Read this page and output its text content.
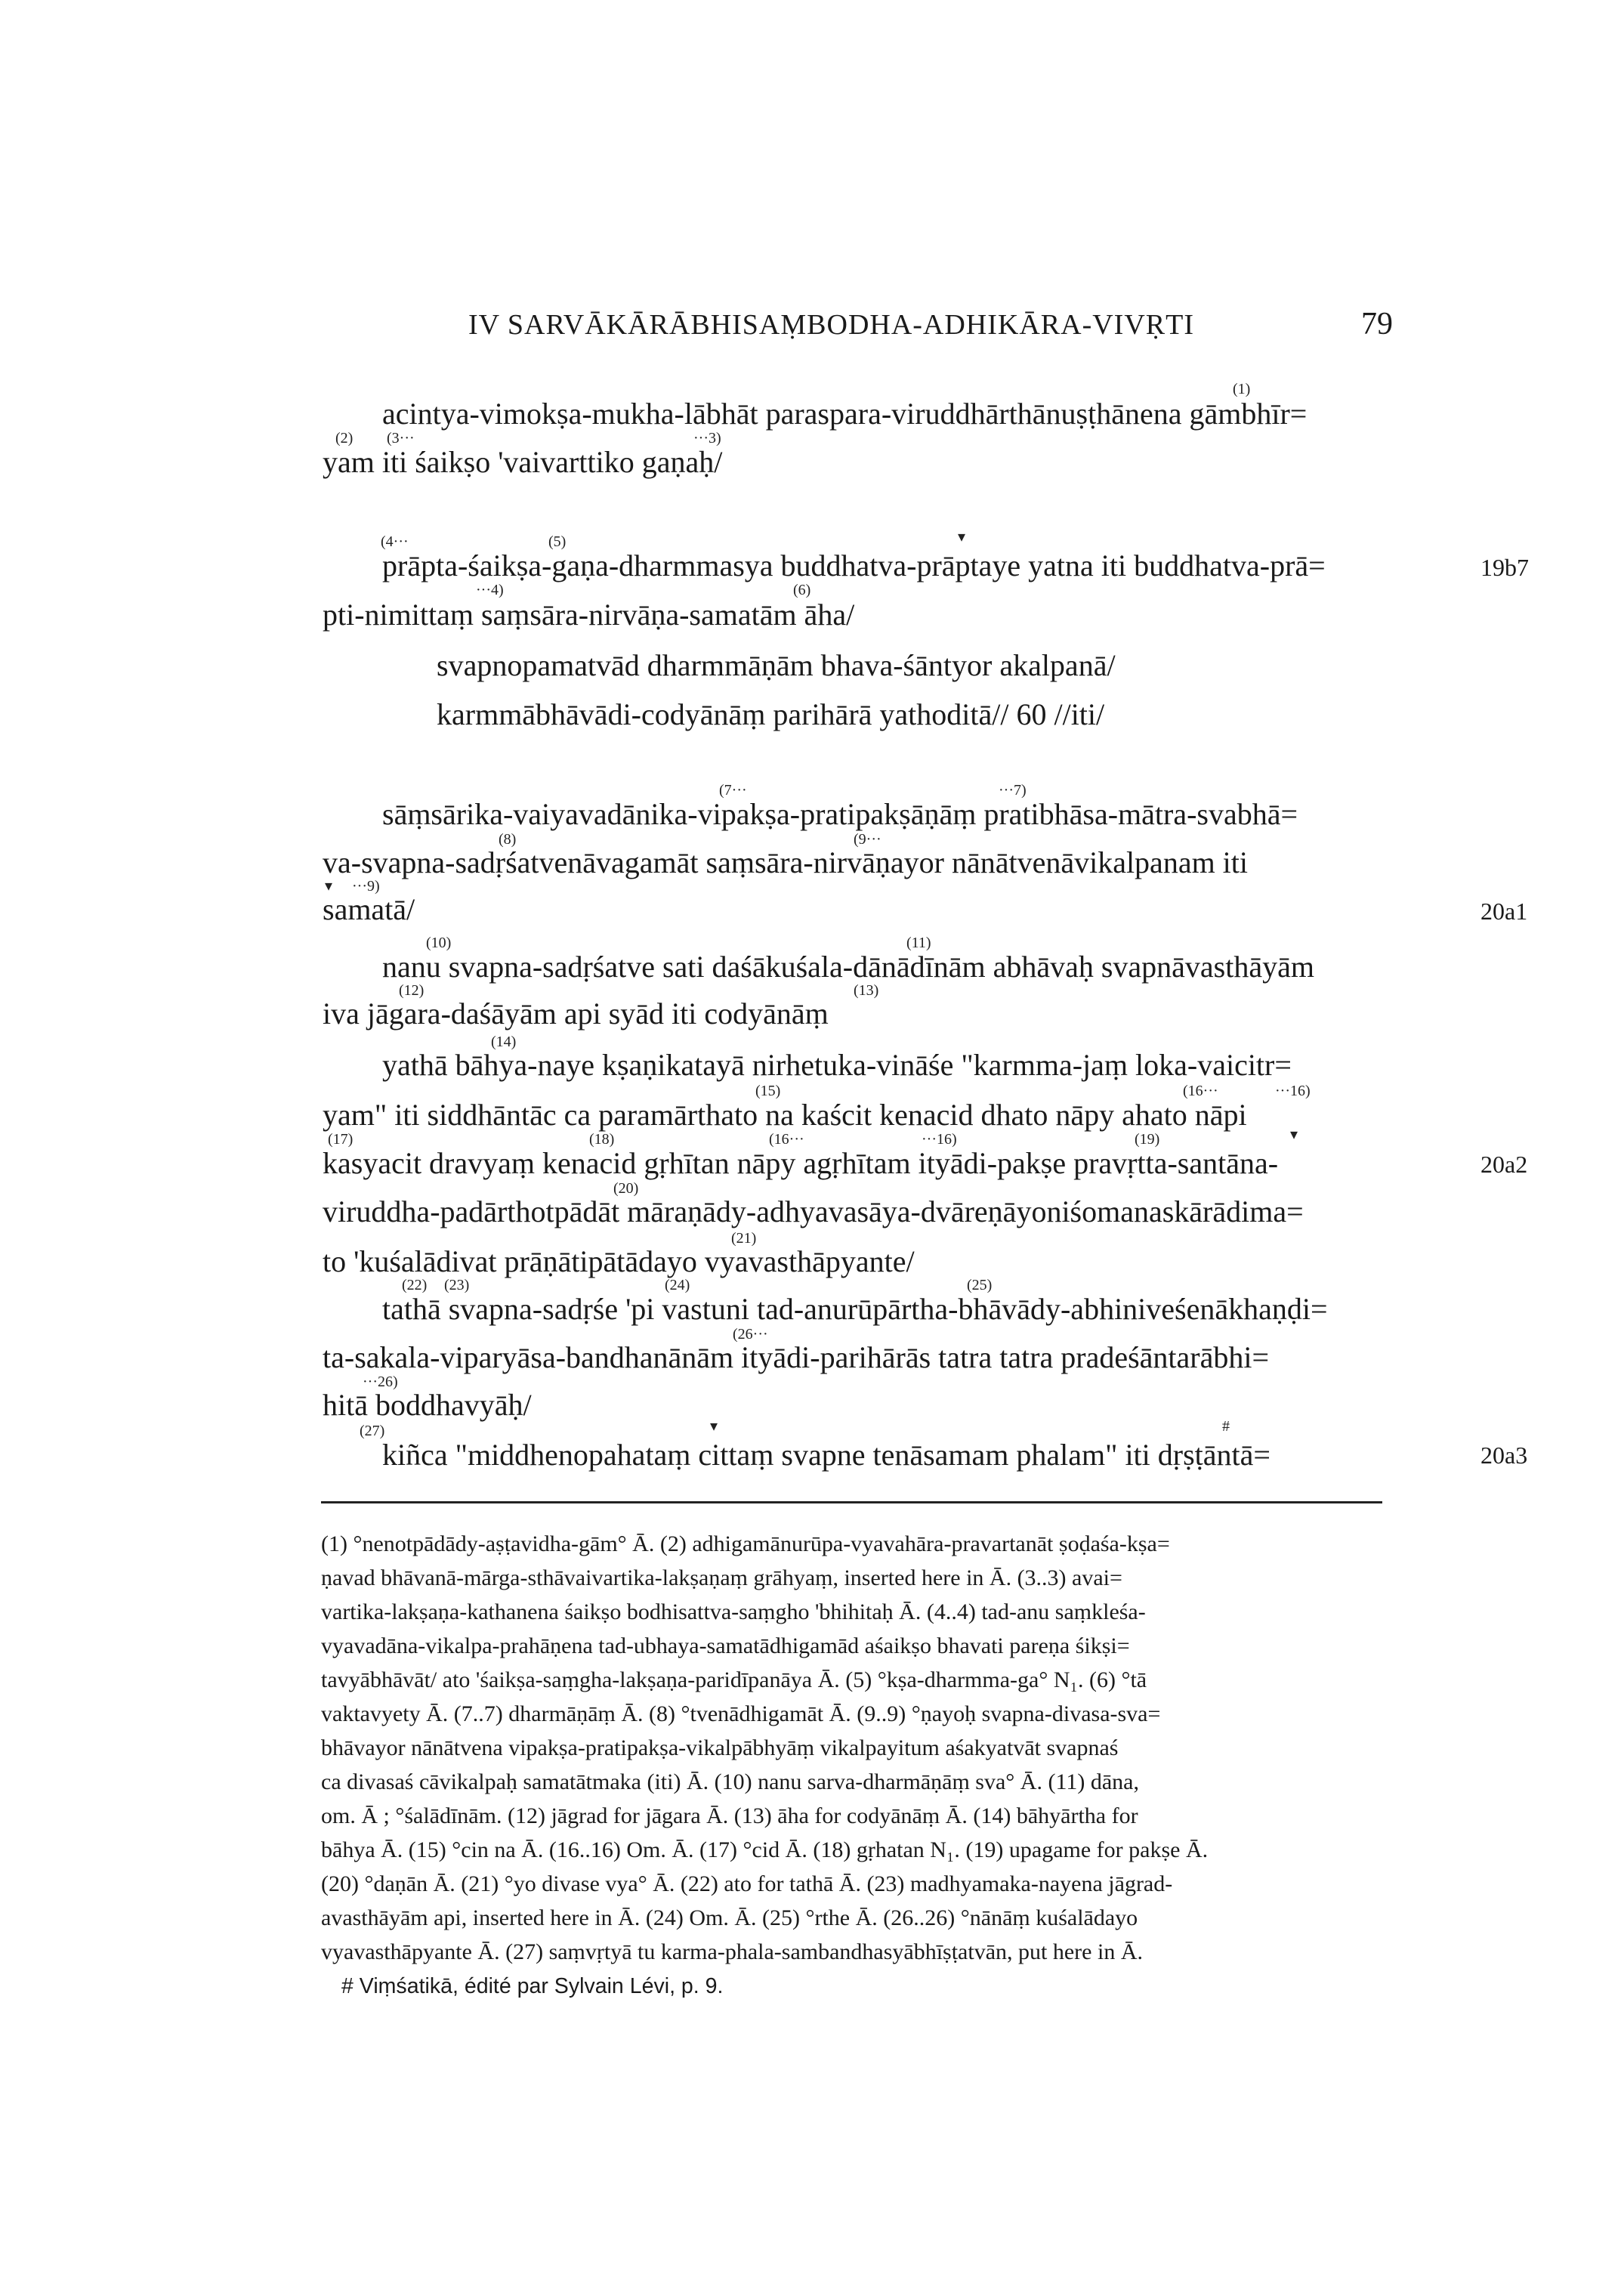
IV SARVĀKĀRĀBHISAṂBODHA-ADHIKĀRA-VIVṚTI	79
(1)
(2) (3···	···3)
(4···	(5)	▾
···4)	(6)
(7···	···7)
(8)	(9···
▾ ···9)
(10)	(11)
(12)	(13)
(14)
(15)	(16···	···16)
(17)	(18)	(16···	···16)	(19)	▾
(20)
(21)
(22) (23)	(24)	(25)
(26···
···26)
(27)	▾	#
acintya-vimokṣa-mukha-lābhāt paraspara-viruddhārthānuṣṭhānena gāmbhīr=
yam iti śaikṣo 'vaivarttiko gaṇaḥ/
prāpta-śaikṣa-gaṇa-dharmmasya buddhatva-prāptaye yatna iti buddhatva-prā=
pti-nimittaṃ saṃsāra-nirvāṇa-samatām āha/
svapnopamatvād dharmmāṇām bhava-śāntyor akalpanā/
karmmābhāvādi-codyānāṃ parihārā yathoditā// 60 //iti/
sāṃsārika-vaiyavadānika-vipakṣa-pratipakṣāṇāṃ pratibhāsa-mātra-svabhā=
va-svapna-sadṛśatvenāvagamāt saṃsāra-nirvāṇayor nānātvenāvikalpanam iti
samatā/
nanu svapna-sadṛśatve sati daśākuśala-dānādīnām abhāvaḥ svapnāvasthāyām
iva jāgara-daśāyām api syād iti codyānāṃ
yathā bāhya-naye kṣaṇikatayā nirhetuka-vināśe "karmma-jaṃ loka-vaicitr=
yam" iti siddhāntāc ca paramārthato na kaścit kenacid dhato nāpy ahato nāpi
kasyacit dravyaṃ kenacid gṛhītan nāpy agṛhītam ityādi-pakṣe pravṛtta-santāna-
viruddha-padārthotpādāt māraṇādy-adhyavasāya-dvāreṇāyoniśomanaskārādima=
to 'kuśalādivat prāṇātipātādayo vyavasthāpyante/
tathā svapna-sadṛśe 'pi vastuni tad-anurūpārtha-bhāvādy-abhiniveśenākhaṇḍi=
ta-sakala-viparyāsa-bandhanānām ityādi-parihārās tatra tatra pradeśāntarābhi=
hitā boddhavyāḥ/
kiñca "middhenopahataṃ cittaṃ svapne tenāsamam phalam" iti dṛṣṭāntā=
19b7
20a1
20a2
20a3
(1) °nenotpādādy-aṣṭavidha-gām° Ā. (2) adhigamānurūpa-vyavahāra-pravartanāt ṣoḍaśa-kṣa=
ṇavad bhāvanā-mārga-sthāvaivartika-lakṣaṇaṃ grāhyaṃ, inserted here in Ā. (3..3) avai=
vartika-lakṣaṇa-kathanena śaikṣo bodhisattva-saṃgho 'bhihitaḥ Ā. (4..4) tad-anu saṃkleśa-
vyavadāna-vikalpa-prahāṇena tad-ubhaya-samatādhigamād aśaikṣo bhavati pareṇa śikṣi=
tavyābhāvāt/ ato 'śaikṣa-saṃgha-lakṣaṇa-paridīpanāya Ā. (5) °kṣa-dharmma-ga° N₁. (6) °tā
vaktavyety Ā. (7..7) dharmāṇāṃ Ā. (8) °tvenādhigamāt Ā. (9..9) °ṇayoḥ svapna-divasa-sva=
bhāvayor nānātvena vipakṣa-pratipakṣa-vikalpābhyāṃ vikalpayitum aśakyatvāt svapnaś
ca divasaś cāvikalpaḥ samatātmaka (iti) Ā. (10) nanu sarva-dharmāṇāṃ sva° Ā. (11) dāna,
om. Ā ; °śalādīnām. (12) jāgrad for jāgara Ā. (13) āha for codyānāṃ Ā. (14) bāhyārtha for
bāhya Ā. (15) °cin na Ā. (16..16) Om. Ā. (17) °cid Ā. (18) gṛhatan N₁. (19) upagame for pakṣe Ā.
(20) °daṇān Ā. (21) °yo divase vya° Ā. (22) ato for tathā Ā. (23) madhyamaka-nayena jāgrad-
avasthāyām api, inserted here in Ā. (24) Om. Ā. (25) °rthe Ā. (26..26) °nānāṃ kuśalādayo
vyavasthāpyante Ā. (27) saṃvṛtyā tu karma-phala-sambandhasyābhīṣṭatvān, put here in Ā.
# Viṃśatikā, édité par Sylvain Lévi, p. 9.
